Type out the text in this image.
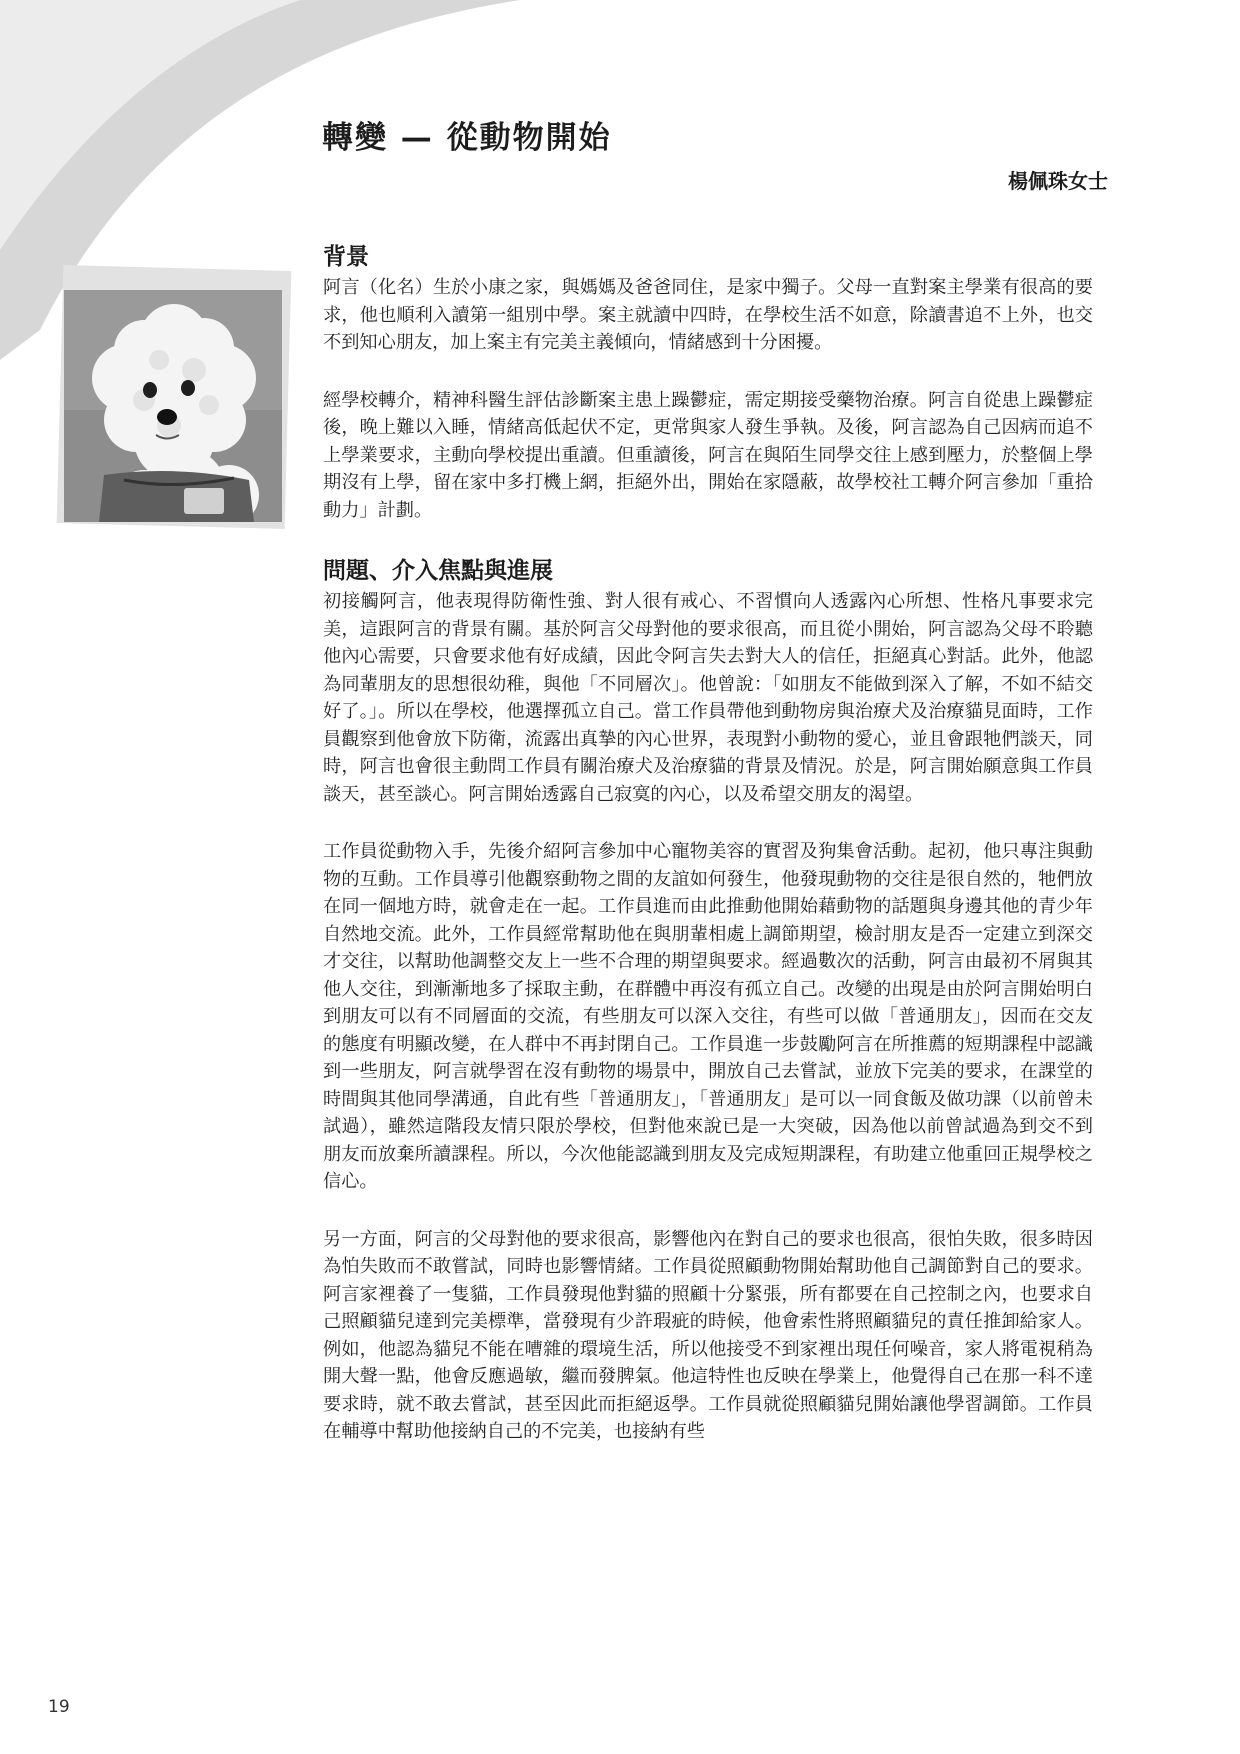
轉變 — 從動物開始
楊佩珠女士
背景

阿言（化名）生於小康之家，與媽媽及爸爸同住，是家中獨子。父母一直對案主學業有很高的要求，他也順利入讀第一組別中學。案主就讀中四時，在學校生活不如意，除讀書追不上外，也交不到知心朋友，加上案主有完美主義傾向，情緒感到十分困擾。

經學校轉介，精神科醫生評估診斷案主患上躁鬱症，需定期接受藥物治療。阿言自從患上躁鬱症後，晚上難以入睡，情緒高低起伏不定，更常與家人發生爭執。及後，阿言認為自己因病而追不上學業要求，主動向學校提出重讀。但重讀後，阿言在與陌生同學交往上感到壓力，於整個上學期沒有上學，留在家中多打機上網，拒絕外出，開始在家隱蔽，故學校社工轉介阿言參加「重拾動力」計劃。

問題、介入焦點與進展

初接觸阿言，他表現得防衛性強、對人很有戒心、不習慣向人透露內心所想、性格凡事要求完美，這跟阿言的背景有關。基於阿言父母對他的要求很高，而且從小開始，阿言認為父母不聆聽他內心需要，只會要求他有好成績，因此令阿言失去對大人的信任，拒絕真心對話。此外，他認為同輩朋友的思想很幼稚，與他「不同層次」。他曾說：「如朋友不能做到深入了解，不如不結交好了。」。所以在學校，他選擇孤立自己。當工作員帶他到動物房與治療犬及治療貓見面時，工作員觀察到他會放下防衛，流露出真摯的內心世界，表現對小動物的愛心，並且會跟牠們談天，同時，阿言也會很主動問工作員有關治療犬及治療貓的背景及情況。於是，阿言開始願意與工作員談天，甚至談心。阿言開始透露自己寂寞的內心，以及希望交朋友的渴望。

工作員從動物入手，先後介紹阿言參加中心寵物美容的實習及狗集會活動。起初，他只專注與動物的互動。工作員導引他觀察動物之間的友誼如何發生，他發現動物的交往是很自然的，牠們放在同一個地方時，就會走在一起。工作員進而由此推動他開始藉動物的話題與身邊其他的青少年自然地交流。此外，工作員經常幫助他在與朋輩相處上調節期望，檢討朋友是否一定建立到深交才交往，以幫助他調整交友上一些不合理的期望與要求。經過數次的活動，阿言由最初不屑與其他人交往，到漸漸地多了採取主動，在群體中再沒有孤立自己。改變的出現是由於阿言開始明白到朋友可以有不同層面的交流，有些朋友可以深入交往，有些可以做「普通朋友」，因而在交友的態度有明顯改變，在人群中不再封閉自己。工作員進一步鼓勵阿言在所推薦的短期課程中認識到一些朋友，阿言就學習在沒有動物的場景中，開放自己去嘗試，並放下完美的要求，在課堂的時間與其他同學溝通，自此有些「普通朋友」，「普通朋友」是可以一同食飯及做功課（以前曾未試過），雖然這階段友情只限於學校，但對他來說已是一大突破，因為他以前曾試過為到交不到朋友而放棄所讀課程。所以，今次他能認識到朋友及完成短期課程，有助建立他重回正規學校之信心。

另一方面，阿言的父母對他的要求很高，影響他內在對自己的要求也很高，很怕失敗，很多時因為怕失敗而不敢嘗試，同時也影響情緒。工作員從照顧動物開始幫助他自己調節對自己的要求。阿言家裡養了一隻貓，工作員發現他對貓的照顧十分緊張，所有都要在自己控制之內，也要求自己照顧貓兒達到完美標準，當發現有少許瑕疵的時候，他會索性將照顧貓兒的責任推卸給家人。例如，他認為貓兒不能在嘈雜的環境生活，所以他接受不到家裡出現任何噪音，家人將電視稍為開大聲一點，他會反應過敏，繼而發脾氣。他這特性也反映在學業上，他覺得自己在那一科不達要求時，就不敢去嘗試，甚至因此而拒絕返學。工作員就從照顧貓兒開始讓他學習調節。工作員在輔導中幫助他接納自己的不完美，也接納有些

19
